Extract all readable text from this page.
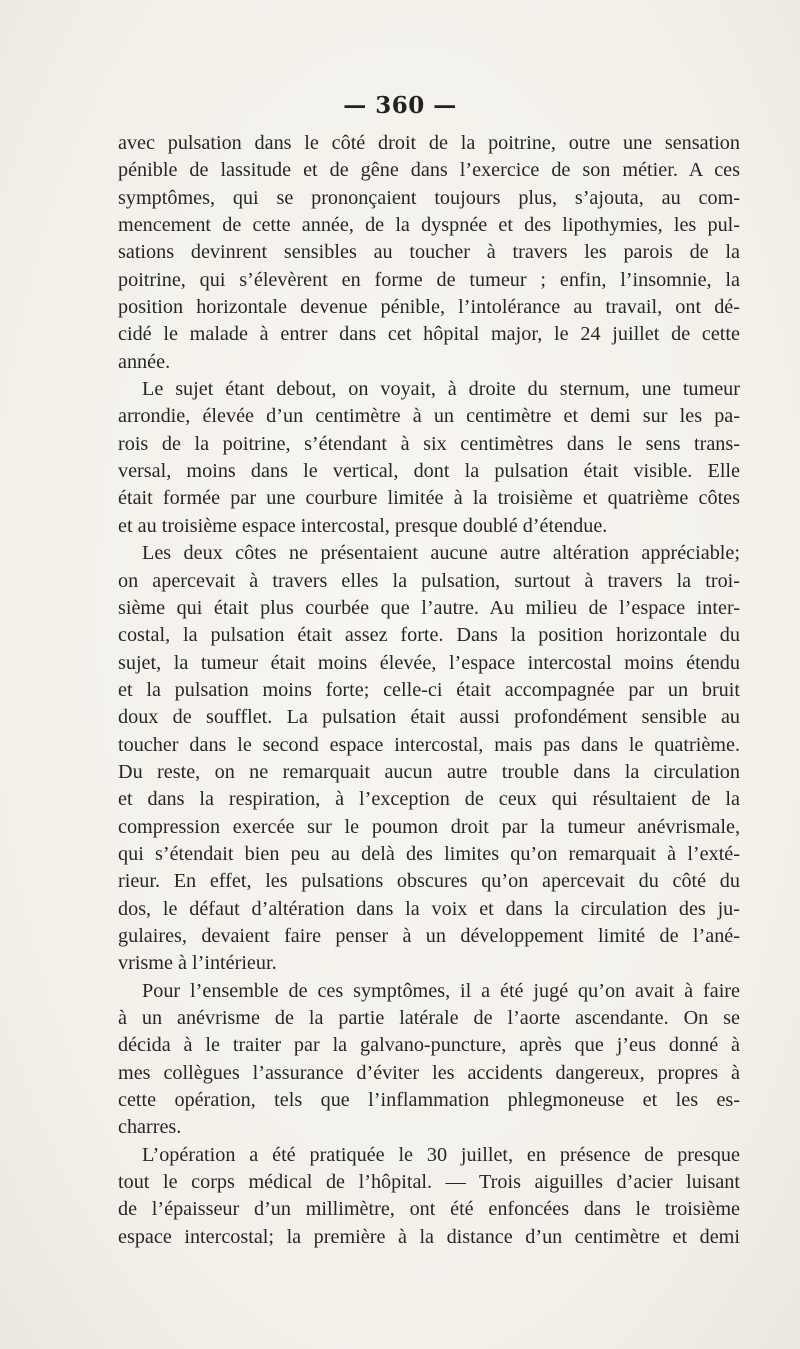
— 360 —
avec pulsation dans le côté droit de la poitrine, outre une sensation
pénible de lassitude et de gêne dans l’exercice de son métier. A ces
symptômes, qui se prononçaient toujours plus, s’ajouta, au com-
mencement de cette année, de la dyspnée et des lipothymies, les pul-
sations devinrent sensibles au toucher à travers les parois de la
poitrine, qui s’élevèrent en forme de tumeur ; enfin, l’insomnie, la
position horizontale devenue pénible, l’intolérance au travail, ont dé-
cidé le malade à entrer dans cet hôpital major, le 24 juillet de cette
année.
Le sujet étant debout, on voyait, à droite du sternum, une tumeur
arrondie, élevée d’un centimètre à un centimètre et demi sur les pa-
rois de la poitrine, s’étendant à six centimètres dans le sens trans-
versal, moins dans le vertical, dont la pulsation était visible. Elle
était formée par une courbure limitée à la troisième et quatrième côtes
et au troisième espace intercostal, presque doublé d’étendue.
Les deux côtes ne présentaient aucune autre altération appréciable;
on apercevait à travers elles la pulsation, surtout à travers la troi-
sième qui était plus courbée que l’autre. Au milieu de l’espace inter-
costal, la pulsation était assez forte. Dans la position horizontale du
sujet, la tumeur était moins élevée, l’espace intercostal moins étendu
et la pulsation moins forte; celle-ci était accompagnée par un bruit
doux de soufflet. La pulsation était aussi profondément sensible au
toucher dans le second espace intercostal, mais pas dans le quatrième.
Du reste, on ne remarquait aucun autre trouble dans la circulation
et dans la respiration, à l’exception de ceux qui résultaient de la
compression exercée sur le poumon droit par la tumeur anévrismale,
qui s’étendait bien peu au delà des limites qu’on remarquait à l’exté-
rieur. En effet, les pulsations obscures qu’on apercevait du côté du
dos, le défaut d’altération dans la voix et dans la circulation des ju-
gulaires, devaient faire penser à un développement limité de l’ané-
vrisme à l’intérieur.
Pour l’ensemble de ces symptômes, il a été jugé qu’on avait à faire
à un anévrisme de la partie latérale de l’aorte ascendante. On se
décida à le traiter par la galvano-puncture, après que j’eus donné à
mes collègues l’assurance d’éviter les accidents dangereux, propres à
cette opération, tels que l’inflammation phlegmoneuse et les es-
charres.
L’opération a été pratiquée le 30 juillet, en présence de presque
tout le corps médical de l’hôpital. — Trois aiguilles d’acier luisant
de l’épaisseur d’un millimètre, ont été enfoncées dans le troisième
espace intercostal; la première à la distance d’un centimètre et demi
